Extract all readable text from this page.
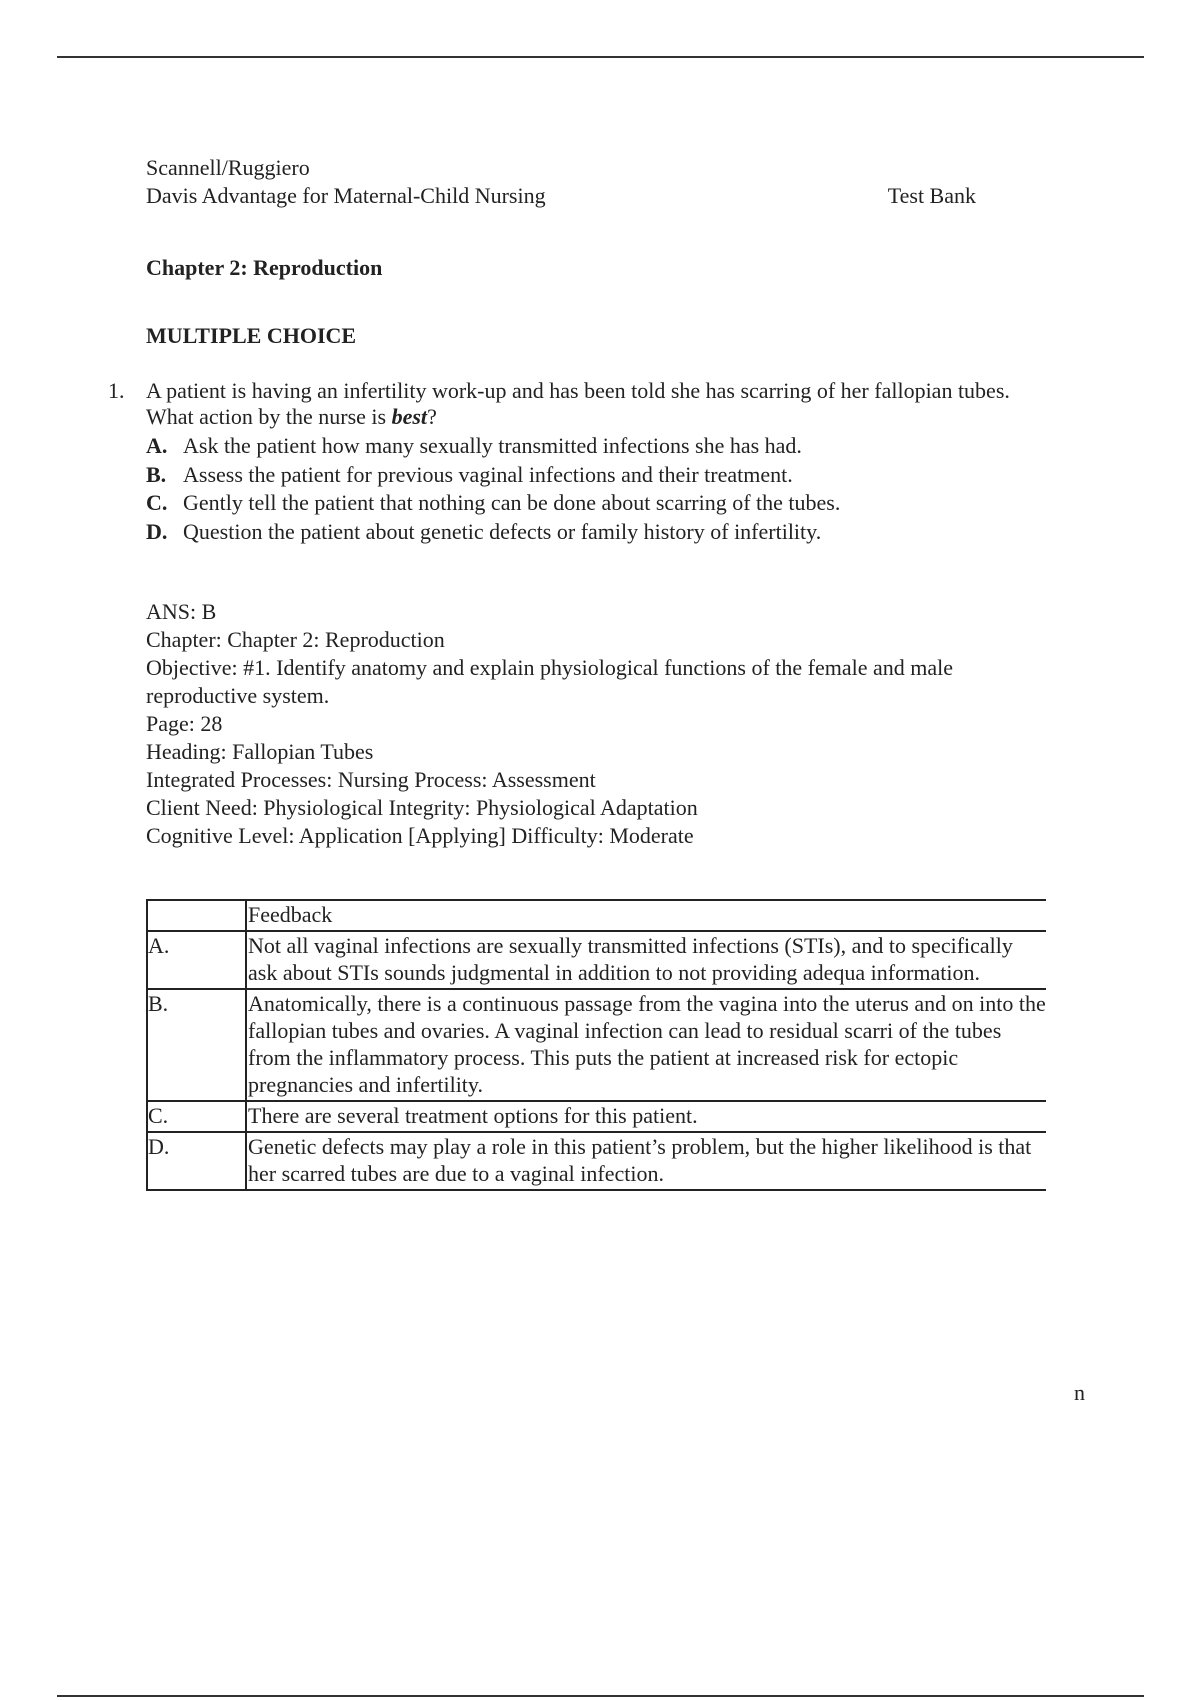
Scannell/Ruggiero
Davis Advantage for Maternal-Child Nursing	Test Bank
Chapter 2: Reproduction
MULTIPLE CHOICE
1. A patient is having an infertility work-up and has been told she has scarring of her fallopian tubes. What action by the nurse is best?
A. Ask the patient how many sexually transmitted infections she has had.
B. Assess the patient for previous vaginal infections and their treatment.
C. Gently tell the patient that nothing can be done about scarring of the tubes.
D. Question the patient about genetic defects or family history of infertility.
ANS: B
Chapter: Chapter 2: Reproduction
Objective: #1. Identify anatomy and explain physiological functions of the female and male reproductive system.
Page: 28
Heading: Fallopian Tubes
Integrated Processes: Nursing Process: Assessment
Client Need: Physiological Integrity: Physiological Adaptation
Cognitive Level: Application [Applying] Difficulty: Moderate
	Feedback
A.	Not all vaginal infections are sexually transmitted infections (STIs), and to specifically ask about STIs sounds judgmental in addition to not providing adequa information.
B.	Anatomically, there is a continuous passage from the vagina into the uterus and on into the fallopian tubes and ovaries. A vaginal infection can lead to residual scarri of the tubes from the inflammatory process. This puts the patient at increased risk for ectopic pregnancies and infertility.
C.	There are several treatment options for this patient.
D.	Genetic defects may play a role in this patient’s problem, but the higher likelihood is that her scarred tubes are due to a vaginal infection.
n
